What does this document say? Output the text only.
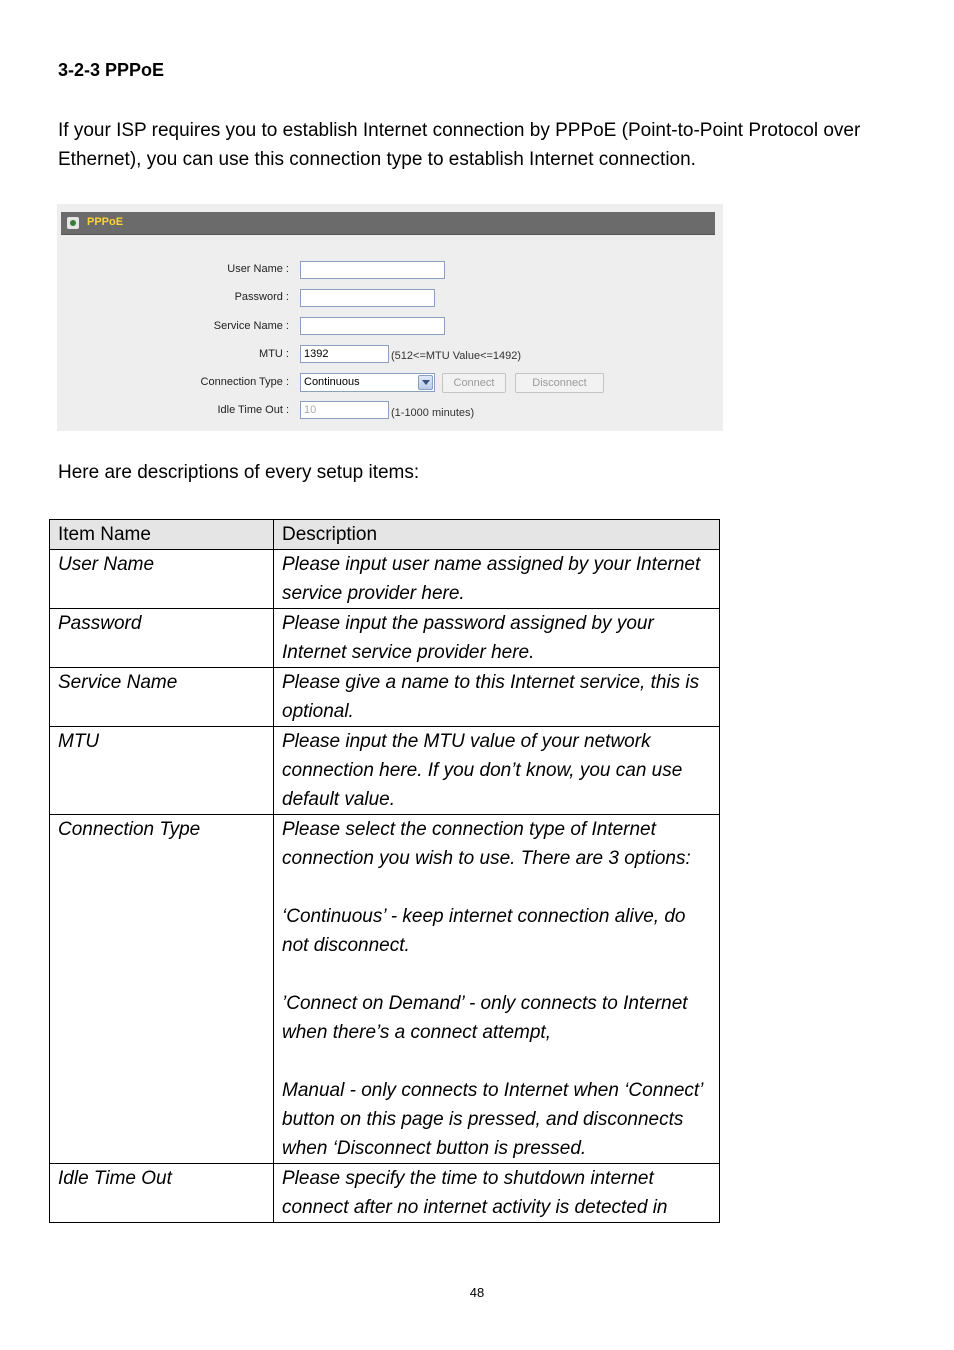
3-2-3 PPPoE
If your ISP requires you to establish Internet connection by PPPoE (Point-to-Point Protocol over Ethernet), you can use this connection type to establish Internet connection.
PPPoE
User Name :
Password :
Service Name :
MTU :
1392	(512<=MTU Value<=1492)
Connection Type :	Continuous	Connect	Disconnect
Idle Time Out :
10	(1-1000 minutes)
Here are descriptions of every setup items:
Item Name	Description
User Name	Please input user name assigned by your Internet service provider here.

Password	Please input the password assigned by your Internet service provider here.

Service Name	Please give a name to this Internet service, this is optional.

MTU	Please input the MTU value of your network connection here. If you don’t know, you can use default value.

Connection Type	Please select the connection type of Internet connection you wish to use. There are 3 options:
‘Continuous’ - keep internet connection alive, do not disconnect.
’Connect on Demand’ - only connects to Internet when there’s a connect attempt,
Manual - only connects to Internet when ‘Connect’ button on this page is pressed, and disconnects when ‘Disconnect button is pressed.

Idle Time Out	Please specify the time to shutdown internet connect after no internet activity is detected in
48
